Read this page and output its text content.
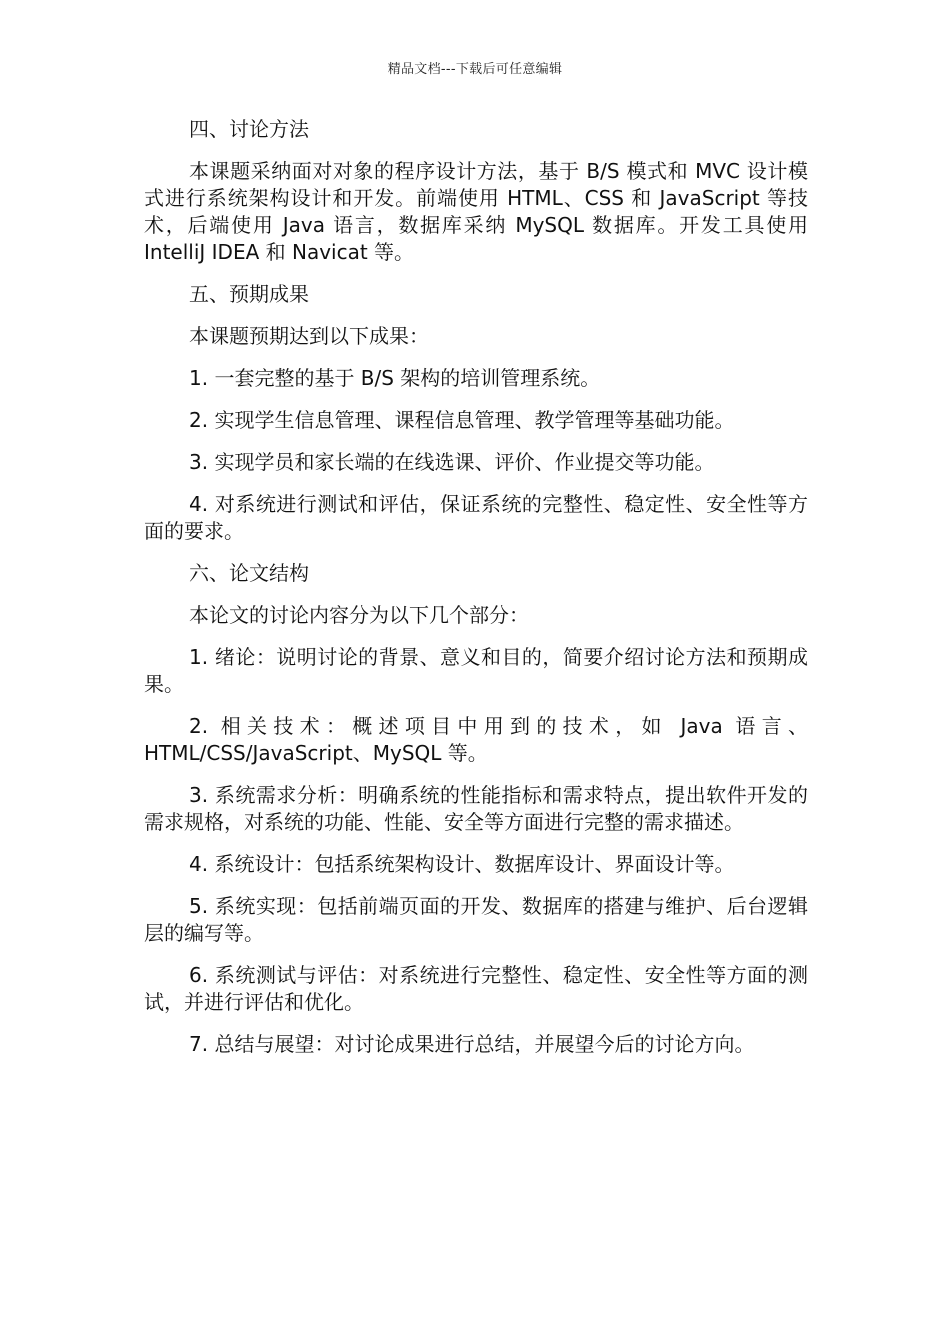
精品文档---下载后可任意编辑

四、讨论方法

本课题采纳面对对象的程序设计方法，基于 B/S 模式和 MVC 设计模式进行系统架构设计和开发。前端使用 HTML、CSS 和 JavaScript 等技术，后端使用 Java 语言，数据库采纳 MySQL 数据库。开发工具使用 IntelliJ IDEA 和 Navicat 等。

五、预期成果

本课题预期达到以下成果：

1. 一套完整的基于 B/S 架构的培训管理系统。

2. 实现学生信息管理、课程信息管理、教学管理等基础功能。

3. 实现学员和家长端的在线选课、评价、作业提交等功能。

4. 对系统进行测试和评估，保证系统的完整性、稳定性、安全性等方面的要求。

六、论文结构

本论文的讨论内容分为以下几个部分：

1. 绪论：说明讨论的背景、意义和目的，简要介绍讨论方法和预期成果。

2. 相关技术：概述项目中用到的技术，如 Java 语言、HTML/CSS/JavaScript、MySQL 等。

3. 系统需求分析：明确系统的性能指标和需求特点，提出软件开发的需求规格，对系统的功能、性能、安全等方面进行完整的需求描述。

4. 系统设计：包括系统架构设计、数据库设计、界面设计等。

5. 系统实现：包括前端页面的开发、数据库的搭建与维护、后台逻辑层的编写等。

6. 系统测试与评估：对系统进行完整性、稳定性、安全性等方面的测试，并进行评估和优化。

7. 总结与展望：对讨论成果进行总结，并展望今后的讨论方向。
